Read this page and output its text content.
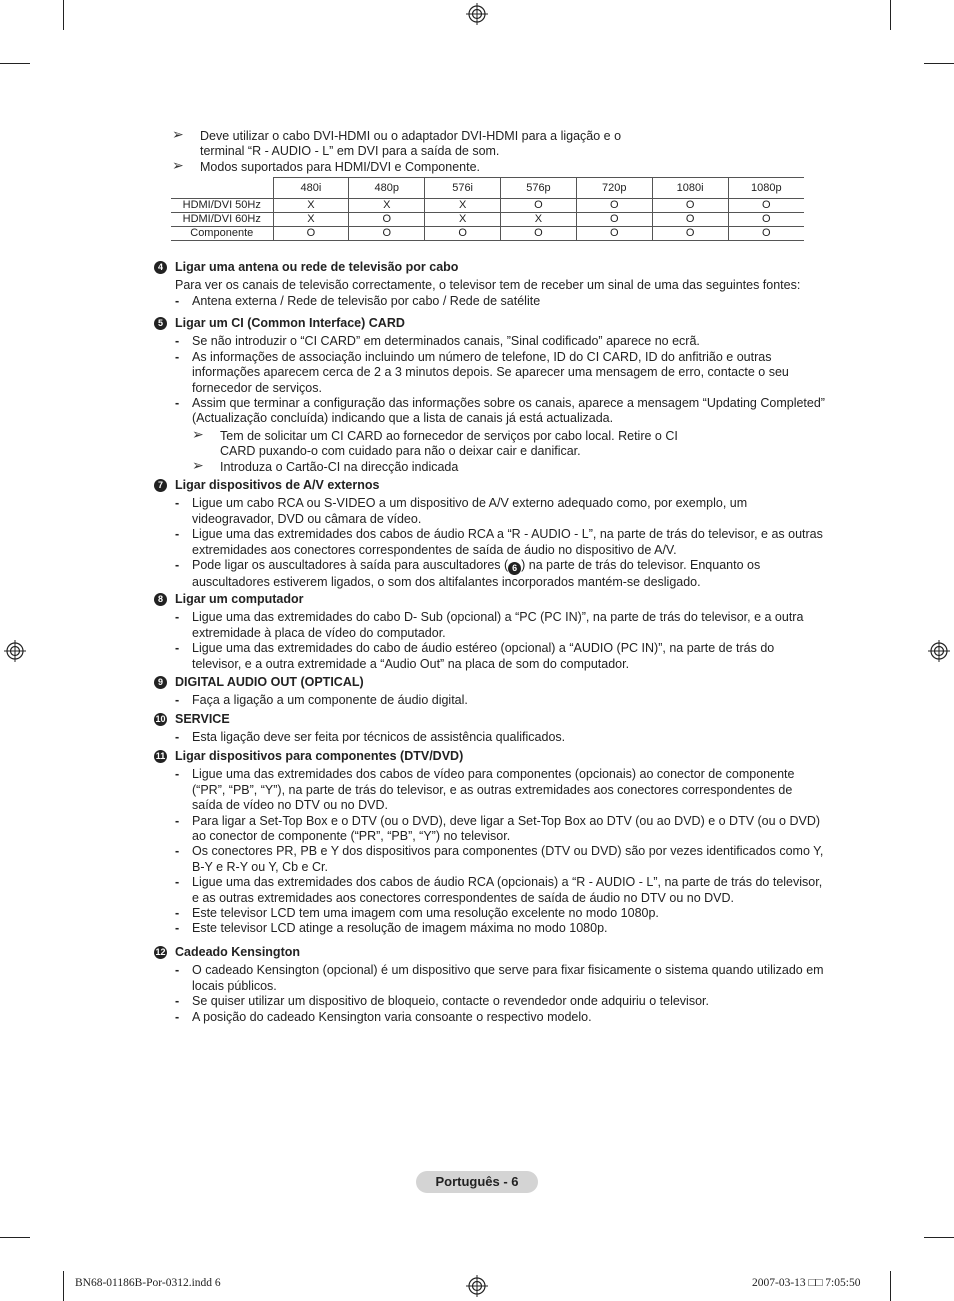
➢ Deve utilizar o cabo DVI-HDMI ou o adaptador DVI-HDMI para a ligação e o terminal “R - AUDIO - L” em DVI para a saída de som.
➢ Modos suportados para HDMI/DVI e Componente.
	480i	480p	576i	576p	720p	1080i	1080p
HDMI/DVI 50Hz	X	X	X	O	O	O	O
HDMI/DVI 60Hz	X	O	X	X	O	O	O
Componente	O	O	O	O	O	O	O
4 Ligar uma antena ou rede de televisão por cabo
Para ver os canais de televisão correctamente, o televisor tem de receber um sinal de uma das seguintes fontes:
- Antena externa / Rede de televisão por cabo / Rede de satélite
5 Ligar um CI (Common Interface) CARD
- Se não introduzir o “CI CARD” em determinados canais, ”Sinal codificado” aparece no ecrã.
- As informações de associação incluindo um número de telefone, ID do CI CARD, ID do anfitrião e outras informações aparecem cerca de 2 a 3 minutos depois. Se aparecer uma mensagem de erro, contacte o seu fornecedor de serviços.
- Assim que terminar a configuração das informações sobre os canais, aparece a mensagem “Updating Completed” (Actualização concluída) indicando que a lista de canais já está actualizada.
➢ Tem de solicitar um CI CARD ao fornecedor de serviços por cabo local. Retire o CI CARD puxando-o com cuidado para não o deixar cair e danificar.
➢ Introduza o Cartão-CI na direcção indicada
7 Ligar dispositivos de A/V externos
- Ligue um cabo RCA ou S-VIDEO a um dispositivo de A/V externo adequado como, por exemplo, um videogravador, DVD ou câmara de vídeo.
- Ligue uma das extremidades dos cabos de áudio RCA a “R - AUDIO - L”, na parte de trás do televisor, e as outras extremidades aos conectores correspondentes de saída de áudio no dispositivo de A/V.
- Pode ligar os auscultadores à saída para auscultadores ( 6 ) na parte de trás do televisor. Enquanto os auscultadores estiverem ligados, o som dos altifalantes incorporados mantém-se desligado.
8 Ligar um computador
- Ligue uma das extremidades do cabo D- Sub (opcional) a “PC (PC IN)”, na parte de trás do televisor, e a outra extremidade à placa de vídeo do computador.
- Ligue uma das extremidades do cabo de áudio estéreo (opcional) a “AUDIO (PC IN)”, na parte de trás do televisor, e a outra extremidade a “Audio Out” na placa de som do computador.
9 DIGITAL AUDIO OUT (OPTICAL)
- Faça a ligação a um componente de áudio digital.
10 SERVICE
- Esta ligação deve ser feita por técnicos de assistência qualificados.
11 Ligar dispositivos para componentes (DTV/DVD)
- Ligue uma das extremidades dos cabos de vídeo para componentes (opcionais) ao conector de componente (“PR”, “PB”, “Y”), na parte de trás do televisor, e as outras extremidades aos conectores correspondentes de saída de vídeo no DTV ou no DVD.
- Para ligar a Set-Top Box e o DTV (ou o DVD), deve ligar a Set-Top Box ao DTV (ou ao DVD) e o DTV (ou o DVD) ao conector de componente (“PR”, “PB”, “Y”) no televisor.
- Os conectores PR, PB e Y dos dispositivos para componentes (DTV ou DVD) são por vezes identificados como Y, B-Y e R-Y ou Y, Cb e Cr.
- Ligue uma das extremidades dos cabos de áudio RCA (opcionais) a “R - AUDIO - L”, na parte de trás do televisor, e as outras extremidades aos conectores correspondentes de saída de áudio no DTV ou no DVD.
- Este televisor LCD tem uma imagem com uma resolução excelente no modo 1080p.
- Este televisor LCD atinge a resolução de imagem máxima no modo 1080p.
12 Cadeado Kensington
- O cadeado Kensington (opcional) é um dispositivo que serve para fixar fisicamente o sistema quando utilizado em locais públicos.
- Se quiser utilizar um dispositivo de bloqueio, contacte o revendedor onde adquiriu o televisor.
- A posição do cadeado Kensington varia consoante o respectivo modelo.
Português - 6
BN68-01186B-Por-0312.indd 6	2007-03-13 □□ 7:05:50
